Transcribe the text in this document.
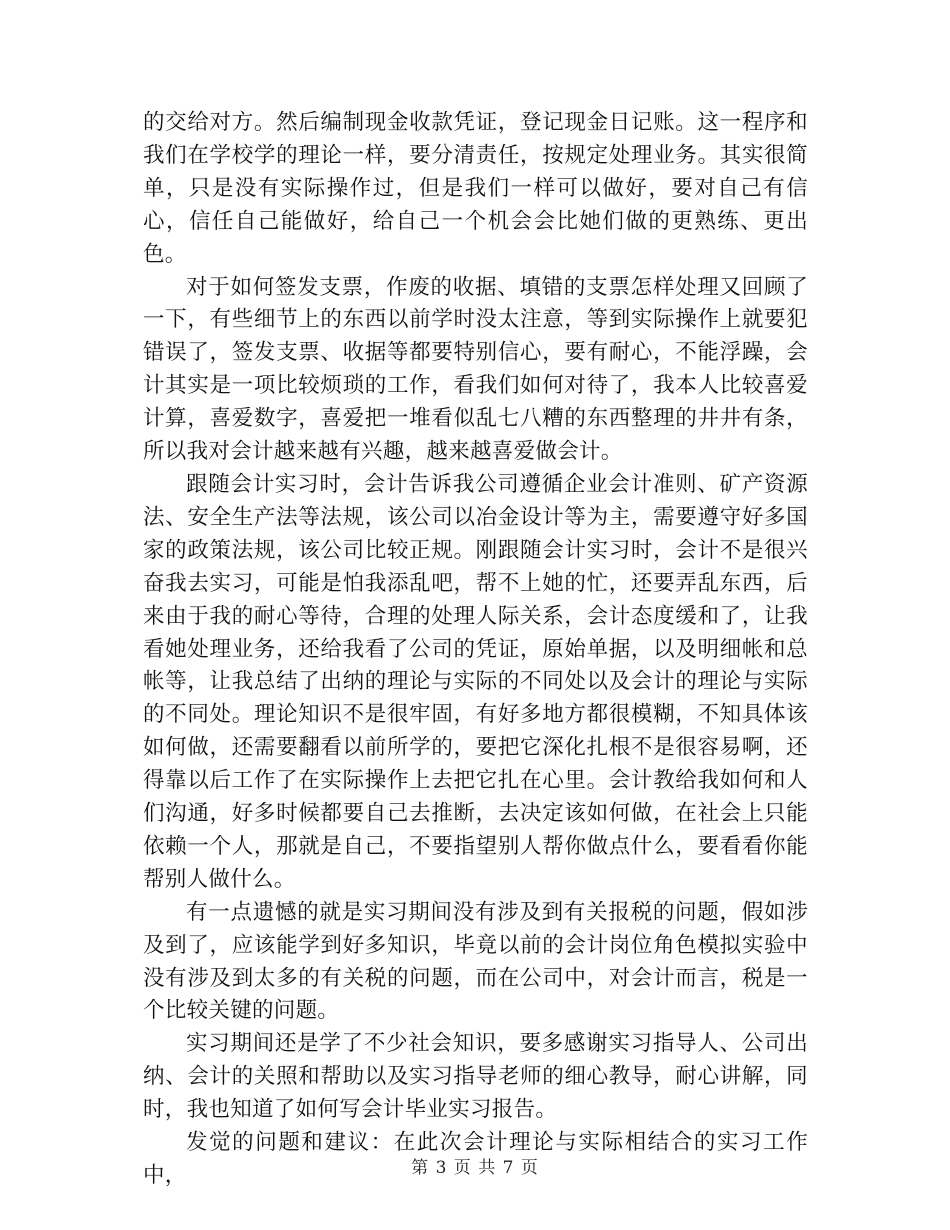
的交给对方。然后编制现金收款凭证，登记现金日记账。这一程序和我们在学校学的理论一样，要分清责任，按规定处理业务。其实很简单，只是没有实际操作过，但是我们一样可以做好，要对自己有信心，信任自己能做好，给自己一个机会会比她们做的更熟练、更出色。

对于如何签发支票，作废的收据、填错的支票怎样处理又回顾了一下，有些细节上的东西以前学时没太注意，等到实际操作上就要犯错误了，签发支票、收据等都要特别信心，要有耐心，不能浮躁，会计其实是一项比较烦琐的工作，看我们如何对待了，我本人比较喜爱计算，喜爱数字，喜爱把一堆看似乱七八糟的东西整理的井井有条，所以我对会计越来越有兴趣，越来越喜爱做会计。

跟随会计实习时，会计告诉我公司遵循企业会计准则、矿产资源法、安全生产法等法规，该公司以冶金设计等为主，需要遵守好多国家的政策法规，该公司比较正规。刚跟随会计实习时，会计不是很兴奋我去实习，可能是怕我添乱吧，帮不上她的忙，还要弄乱东西，后来由于我的耐心等待，合理的处理人际关系，会计态度缓和了，让我看她处理业务，还给我看了公司的凭证，原始单据，以及明细帐和总帐等，让我总结了出纳的理论与实际的不同处以及会计的理论与实际的不同处。理论知识不是很牢固，有好多地方都很模糊，不知具体该如何做，还需要翻看以前所学的，要把它深化扎根不是很容易啊，还得靠以后工作了在实际操作上去把它扎在心里。会计教给我如何和人们沟通，好多时候都要自己去推断，去决定该如何做，在社会上只能依赖一个人，那就是自己，不要指望别人帮你做点什么，要看看你能帮别人做什么。

有一点遗憾的就是实习期间没有涉及到有关报税的问题，假如涉及到了，应该能学到好多知识，毕竟以前的会计岗位角色模拟实验中没有涉及到太多的有关税的问题，而在公司中，对会计而言，税是一个比较关键的问题。

实习期间还是学了不少社会知识，要多感谢实习指导人、公司出纳、会计的关照和帮助以及实习指导老师的细心教导，耐心讲解，同时，我也知道了如何写会计毕业实习报告。

发觉的问题和建议：在此次会计理论与实际相结合的实习工作中，	第 3 页 共 7 页
